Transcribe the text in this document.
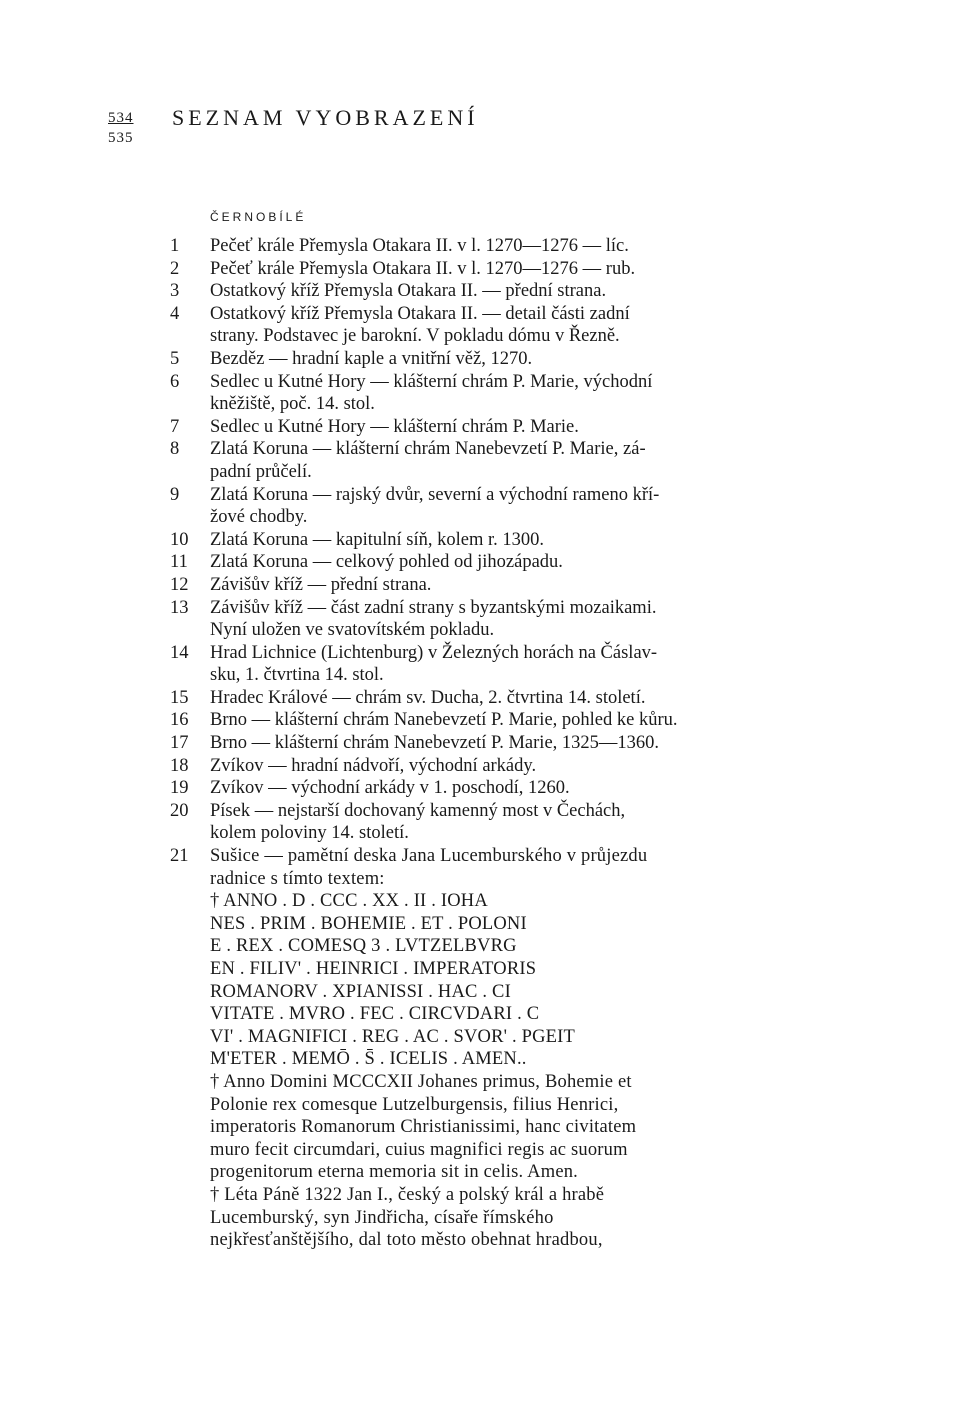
534
535
SEZNAM VYOBRAZENÍ
ČERNOBÍLÉ
1	Pečeť krále Přemysla Otakara II. v l. 1270—1276 — líc.
2	Pečeť krále Přemysla Otakara II. v l. 1270—1276 — rub.
3	Ostatkový kříž Přemysla Otakara II. — přední strana.
4	Ostatkový kříž Přemysla Otakara II. — detail části zadní
strany. Podstavec je barokní. V pokladu dómu v Řezně.
5	Bezděz — hradní kaple a vnitřní věž, 1270.
6	Sedlec u Kutné Hory — klášterní chrám P. Marie, východní
kněžiště, poč. 14. stol.
7	Sedlec u Kutné Hory — klášterní chrám P. Marie.
8	Zlatá Koruna — klášterní chrám Nanebevzetí P. Marie, zá-
padní průčelí.
9	Zlatá Koruna — rajský dvůr, severní a východní rameno kří-
žové chodby.
10	Zlatá Koruna — kapitulní síň, kolem r. 1300.
11	Zlatá Koruna — celkový pohled od jihozápadu.
12	Závišův kříž — přední strana.
13	Závišův kříž — část zadní strany s byzantskými mozaikami.
Nyní uložen ve svatovítském pokladu.
14	Hrad Lichnice (Lichtenburg) v Železných horách na Čáslav-
sku, 1. čtvrtina 14. stol.
15	Hradec Králové — chrám sv. Ducha, 2. čtvrtina 14. století.
16	Brno — klášterní chrám Nanebevzetí P. Marie, pohled ke kůru.
17	Brno — klášterní chrám Nanebevzetí P. Marie, 1325—1360.
18	Zvíkov — hradní nádvoří, východní arkády.
19	Zvíkov — východní arkády v 1. poschodí, 1260.
20	Písek — nejstarší dochovaný kamenný most v Čechách,
kolem poloviny 14. století.
21	Sušice — pamětní deska Jana Lucemburského v průjezdu
radnice s tímto textem:
† ANNO . D . CCC . XX . II . IOHA
NES . PRIM . BOHEMIE . ET . POLONI
E . REX . COMESQ 3 . LVTZELBVRG
EN . FILIV' . HEINRICI . IMPERATORIS
ROMANORV . XPIANISSI . HAC . CI
VITATE . MVRO . FEC . CIRCVDARI . C
VI' . MAGNIFICI . REG . AC . SVOR' . PGEIT
M'ETER . MEMŌ . S̄ . ICELIS . AMEN..
† Anno Domini MCCCXII Johanes primus, Bohemie et
Polonie rex comesque Lutzelburgensis, filius Henrici,
imperatoris Romanorum Christianissimi, hanc civitatem
muro fecit circumdari, cuius magnifici regis ac suorum
progenitorum eterna memoria sit in celis. Amen.
† Léta Páně 1322 Jan I., český a polský král a hrabě
Lucemburský, syn Jindřicha, císaře římského
nejkřesťanštějšího, dal toto město obehnat hradbou,
